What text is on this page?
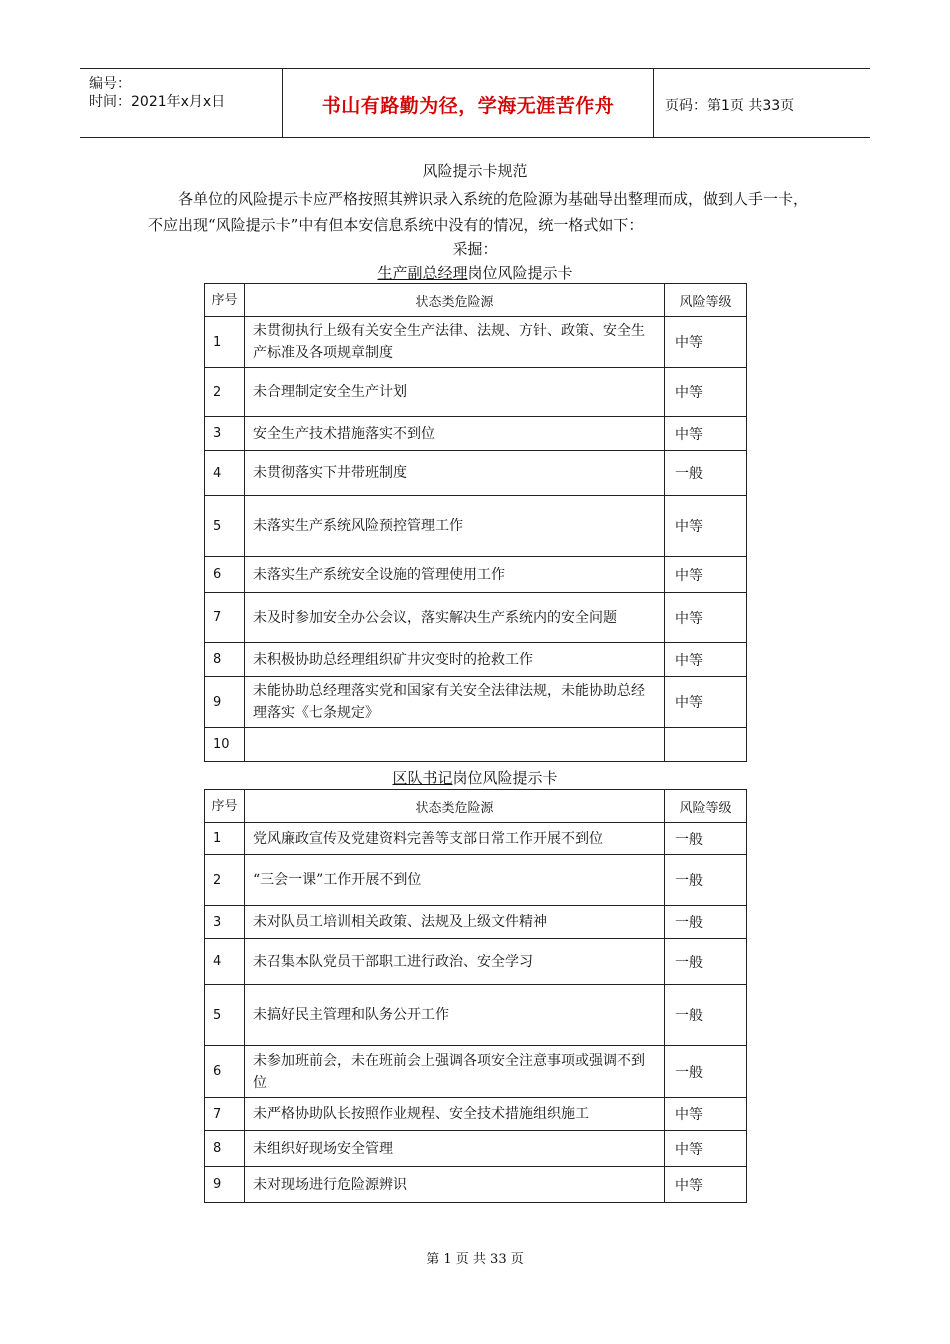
编号：
时间：2021年x月x日	书山有路勤为径，学海无涯苦作舟	页码：第1页 共33页
风险提示卡规范
各单位的风险提示卡应严格按照其辨识录入系统的危险源为基础导出整理而成，做到人手一卡，不应出现“风险提示卡”中有但本安信息系统中没有的情况，统一格式如下：
采掘：
生产副总经理岗位风险提示卡
序号	状态类危险源	风险等级
1	未贯彻执行上级有关安全生产法律、法规、方针、政策、安全生产标准及各项规章制度	中等
2	未合理制定安全生产计划	中等
3	安全生产技术措施落实不到位	中等
4	未贯彻落实下井带班制度	一般
5	未落实生产系统风险预控管理工作	中等
6	未落实生产系统安全设施的管理使用工作	中等
7	未及时参加安全办公会议，落实解决生产系统内的安全问题	中等
8	未积极协助总经理组织矿井灾变时的抢救工作	中等
9	未能协助总经理落实党和国家有关安全法律法规，未能协助总经理落实《七条规定》	中等
10		
区队书记岗位风险提示卡
序号	状态类危险源	风险等级
1	党风廉政宣传及党建资料完善等支部日常工作开展不到位	一般
2	“三会一课”工作开展不到位	一般
3	未对队员工培训相关政策、法规及上级文件精神	一般
4	未召集本队党员干部职工进行政治、安全学习	一般
5	未搞好民主管理和队务公开工作	一般
6	未参加班前会，未在班前会上强调各项安全注意事项或强调不到位	一般
7	未严格协助队长按照作业规程、安全技术措施组织施工	中等
8	未组织好现场安全管理	中等
9	未对现场进行危险源辨识	中等
第 1 页 共 33 页
